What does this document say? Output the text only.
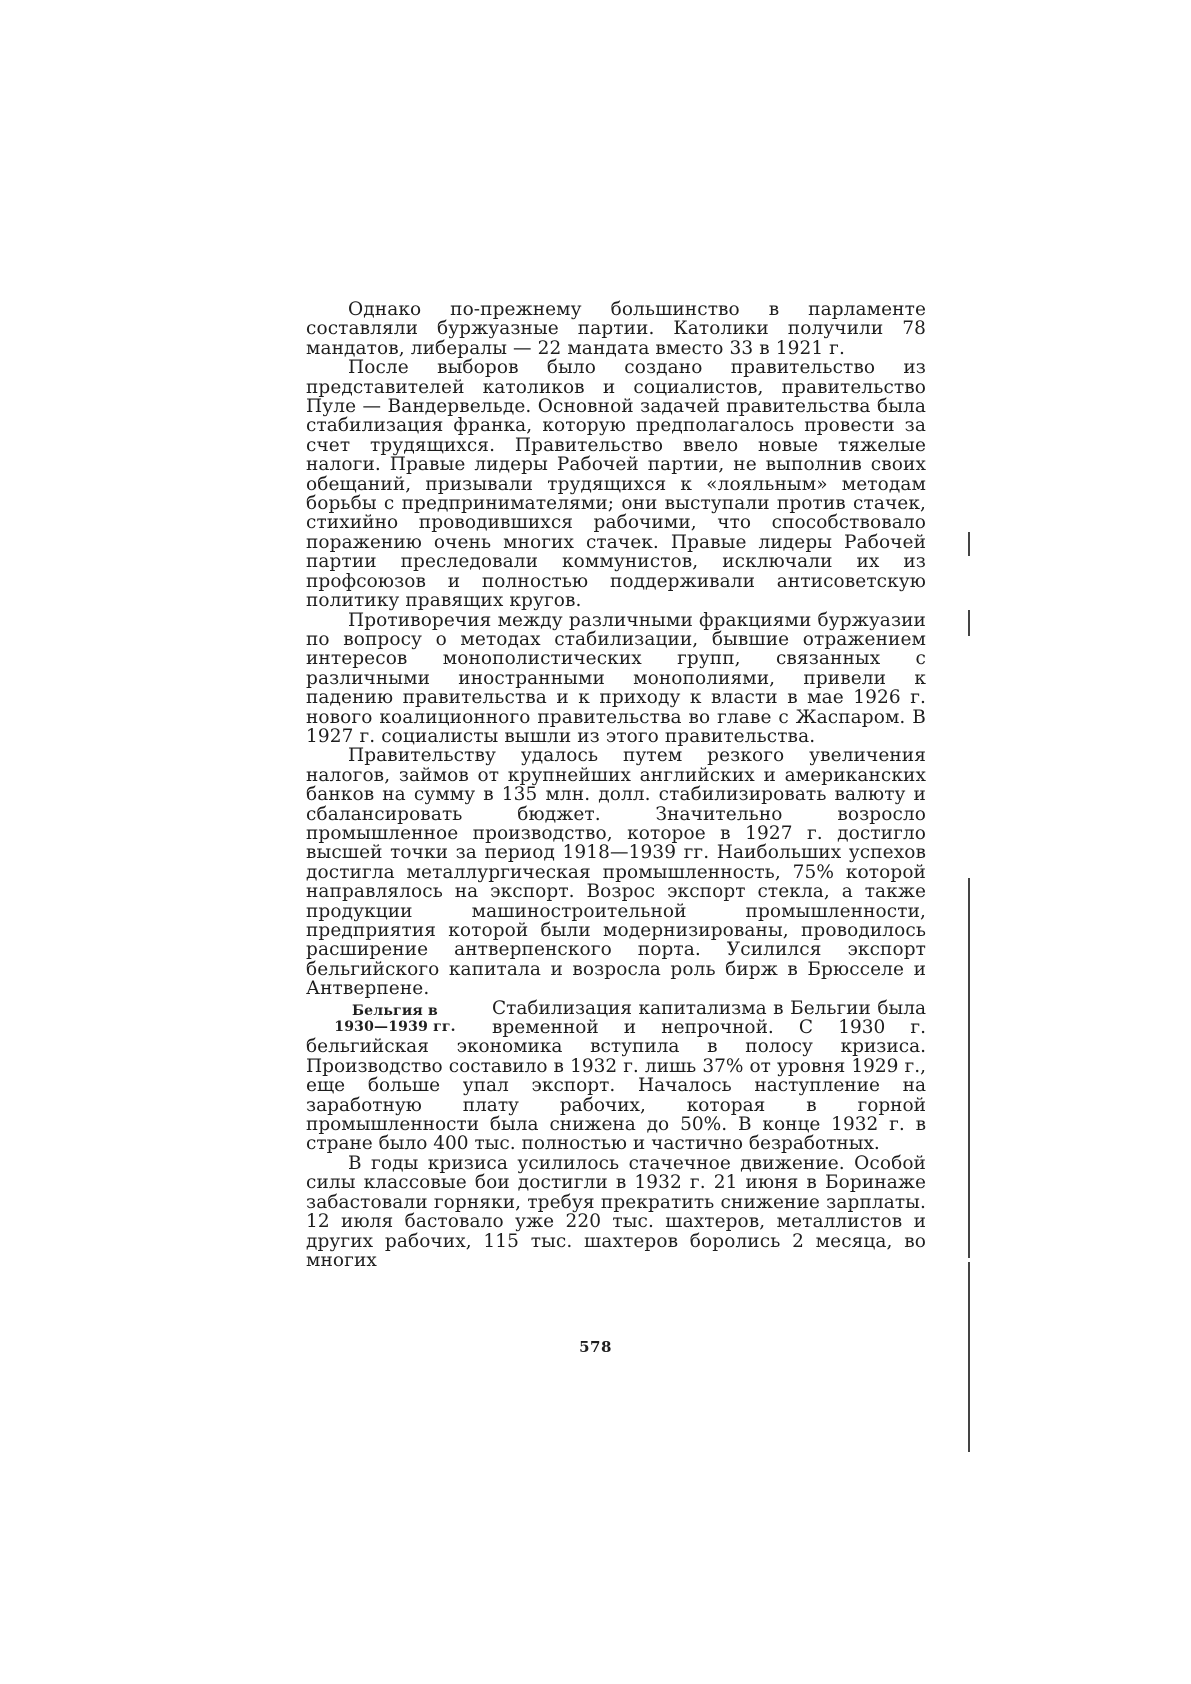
Однако по-прежнему большинство в парламенте составляли буржуазные партии. Католики получили 78 мандатов, либералы — 22 мандата вместо 33 в 1921 г.

После выборов было создано правительство из представителей католиков и социалистов, правительство Пуле — Вандервельде. Основной задачей правительства была стабилизация франка, которую предполагалось провести за счет трудящихся. Правительство ввело новые тяжелые налоги. Правые лидеры Рабочей партии, не выполнив своих обещаний, призывали трудящихся к «лояльным» методам борьбы с предпринимателями; они выступали против стачек, стихийно проводившихся рабочими, что способствовало поражению очень многих стачек. Правые лидеры Рабочей партии преследовали коммунистов, исключали их из профсоюзов и полностью поддерживали антисоветскую политику правящих кругов.

Противоречия между различными фракциями буржуазии по вопросу о методах стабилизации, бывшие отражением интересов монополистических групп, связанных с различными иностранными монополиями, привели к падению правительства и к приходу к власти в мае 1926 г. нового коалиционного правительства во главе с Жаспаром. В 1927 г. социалисты вышли из этого правительства.

Правительству удалось путем резкого увеличения налогов, займов от крупнейших английских и американских банков на сумму в 135 млн. долл. стабилизировать валюту и сбалансировать бюджет. Значительно возросло промышленное производство, которое в 1927 г. достигло высшей точки за период 1918—1939 гг. Наибольших успехов достигла металлургическая промышленность, 75% которой направлялось на экспорт. Возрос экспорт стекла, а также продукции машиностроительной промышленности, предприятия которой были модернизированы, проводилось расширение антверпенского порта. Усилился экспорт бельгийского капитала и возросла роль бирж в Брюсселе и Антверпене.

Бельгия в
1930—1939 гг.

Стабилизация капитализма в Бельгии была временной и непрочной. С 1930 г. бельгийская экономика вступила в полосу кризиса. Производство составило в 1932 г. лишь 37% от уровня 1929 г., еще больше упал экспорт. Началось наступление на заработную плату рабочих, которая в горной промышленности была снижена до 50%. В конце 1932 г. в стране было 400 тыс. полностью и частично безработных.

В годы кризиса усилилось стачечное движение. Особой силы классовые бои достигли в 1932 г. 21 июня в Боринаже забастовали горняки, требуя прекратить снижение зарплаты. 12 июля бастовало уже 220 тыс. шахтеров, металлистов и других рабочих, 115 тыс. шахтеров боролись 2 месяца, во многих

578
